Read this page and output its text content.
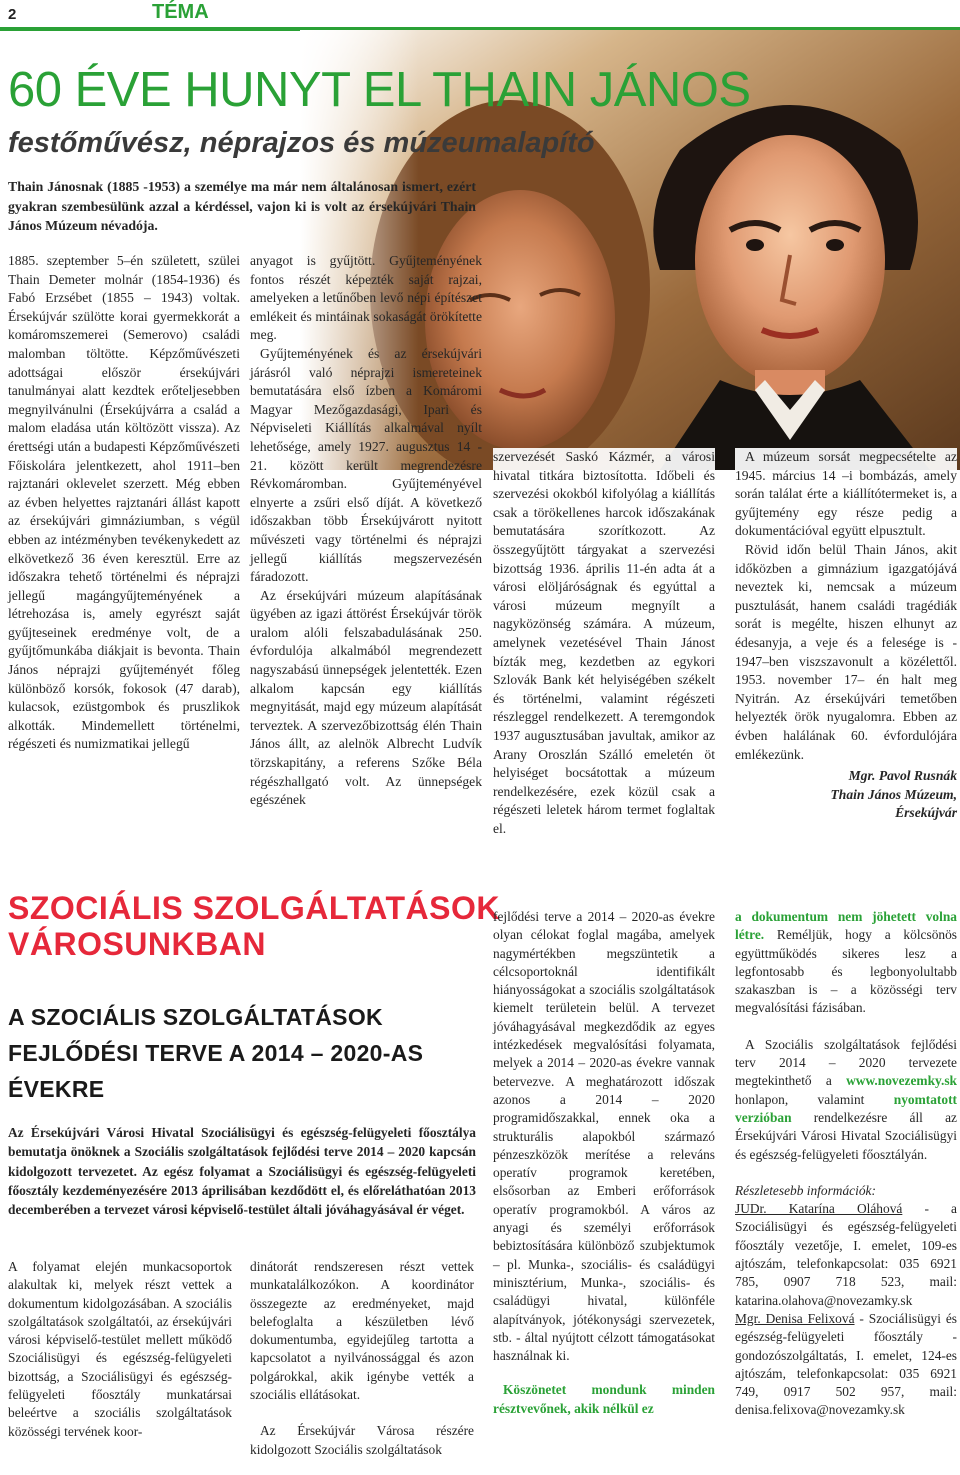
2	TÉMA
60 ÉVE HUNYT EL THAIN JÁNOS
festőművész, néprajzos és múzeumalapító

Thain Jánosnak (1885 -1953) a személye ma már nem általánosan ismert, ezért gyakran szembesülünk azzal a kérdéssel, vajon ki is volt az érsekújvári Thain János Múzeum névadója.

1885. szeptember 5–én született, szülei Thain Demeter molnár (1854-1936) és Fabó Erzsébet (1855 – 1943) voltak. Érsekújvár szülötte korai gyermekkorát a komáromszemerei (Semerovo) családi malomban töltötte. Képzőművészeti adottságai először érsekújvári tanulmányai alatt kezdtek erőteljesebben megnyilvánulni (Érsekújvárra a család a malom eladása után költözött vissza). Az érettségi után a budapesti Képzőművészeti Főiskolára jelentkezett, ahol 1911–ben rajztanári oklevelet szerzett. Még ebben az évben helyettes rajztanári állást kapott az érsekújvári gimnáziumban, s végül ebben az intézményben tevékenykedett az elkövetkező 36 éven keresztül. Erre az időszakra tehető történelmi és néprajzi jellegű magángyűjteményének a létrehozása is, amely egyrészt saját gyűjteseinek eredménye volt, de a gyűjtőmunkába diákjait is bevonta. Thain János néprajzi gyűjteményét főleg különböző korsók, fokosok (47 darab), kulacsok, ezüstgombok és pruszlikok alkották. Mindemellett történelmi, régészeti és numizmatikai jellegű

anyagot is gyűjtött. Gyűjteményének fontos részét képezték saját rajzai, amelyeken a letűnőben levő népi építészet emlékeit és mintáinak sokaságát örökítette meg.

Gyűjteményének és az érsekújvári járásról való néprajzi ismereteinek bemutatására első ízben a Komáromi Magyar Mezőgazdasági, Ipari és Népviseleti Kiállítás alkalmával nyílt lehetősége, amely 1927. augusztus 14 - 21. között került megrendezésre Révkomáromban. Gyűjteményével elnyerte a zsűri első díját. A következő időszakban több Érsekújvárott nyitott művészeti vagy történelmi és néprajzi jellegű kiállítás megszervezésén fáradozott.

Az érsekújvári múzeum alapításának ügyében az igazi áttörést Érsekújvár török uralom alóli felszabadulásának 250. évfordulója alkalmából megrendezett nagyszabású ünnepségek jelentették. Ezen alkalom kapcsán egy kiállítás megnyitását, majd egy múzeum alapítását terveztek. A szervezőbizottság élén Thain János állt, az alelnök Albrecht Ludvík törzskapitány, a referens Szőke Béla régészhallgató volt. Az ünnepségek egészének

szervezését Saskó Kázmér, a városi hivatal titkára biztosította. Időbeli és szervezési okokból kifolyólag a kiállítás csak a törökellenes harcok időszakának bemutatására szorítkozott. Az összegyűjtött tárgyakat a szervezési bizottság 1936. április 11-én adta át a városi elöljáróságnak és egyúttal a városi múzeum megnyílt a nagyközönség számára. A múzeum, amelynek vezetésével Thain Jánost bízták meg, kezdetben az egykori Szlovák Bank két helyiségében székelt és történelmi, valamint régészeti részleggel rendelkezett. A teremgondok 1937 augusztusában javultak, amikor az Arany Oroszlán Szálló emeletén öt helyiséget bocsátottak a múzeum rendelkezésére, ezek közül csak a régészeti leletek három termet foglaltak el.

A múzeum sorsát megpecsételte az 1945. március 14 –i bombázás, amely során találat érte a kiállítótermeket is, a gyűjtemény egy része pedig a dokumentációval együtt elpusztult.

Rövid időn belül Thain János, akit időközben a gimnázium igazgatójává neveztek ki, nemcsak a múzeum pusztulását, hanem családi tragédiák sorát is megélte, hiszen elhunyt az édesanyja, a veje és a felesége is - 1947–ben viszszavonult a közélettől. 1953. november 17– én halt meg Nyitrán. Az érsekújvári temetőben helyezték örök nyugalomra. Ebben az évben halálának 60. évfordulójára emlékezünk.

Mgr. Pavol Rusnák
Thain János Múzeum,
Érsekújvár
SZOCIÁLIS SZOLGÁLTATÁSOK
VÁROSUNKBAN
A SZOCIÁLIS SZOLGÁLTATÁSOK
FEJLŐDÉSI TERVE A 2014 – 2020-AS
ÉVEKRE

Az Érsekújvári Városi Hivatal Szociálisügyi és egészség-felügyeleti főosztálya bemutatja önöknek a Szociális szolgáltatások fejlődési terve 2014 – 2020 kapcsán kidolgozott tervezetet. Az egész folyamat a Szociálisügyi és egészség-felügyeleti főosztály kezdeményezésére 2013 áprilisában kezdődött el, és előreláthatóan 2013 decemberében a tervezet városi képviselő-testület általi jóváhagyásával ér véget.

A folyamat elején munkacsoportok alakultak ki, melyek részt vettek a dokumentum kidolgozásában. A szociális szolgáltatások szolgáltatói, az érsekújvári városi képviselő-testület mellett működő Szociálisügyi és egészség-felügyeleti bizottság, a Szociálisügyi és egészség-felügyeleti főosztály munkatársai beleértve a szociális szolgáltatások közösségi tervének koor-

dinátorát rendszeresen részt vettek munkatalálkozókon. A koordinátor összegezte az eredményeket, majd belefoglalta a készületben lévő dokumentumba, egyidejűleg tartotta a kapcsolatot a nyilvánossággal és azon polgárokkal, akik igénybe vették a szociális ellátásokat.

Az Érsekújvár Városa részére kidolgozott Szociális szolgáltatások

fejlődési terve a 2014 – 2020-as évekre olyan célokat foglal magába, amelyek nagymértékben megszüntetik a célcsoportoknál identifikált hiányosságokat a szociális szolgáltatások kiemelt területein belül. A tervezet jóváhagyásával megkezdődik az egyes intézkedések megvalósítási folyamata, melyek a 2014 – 2020-as évekre vannak betervezve. A meghatározott időszak azonos a 2014 – 2020 programidőszakkal, ennek oka a strukturális alapokból származó pénzeszközök merítése a releváns operatív programok keretében, elsősorban az Emberi erőforrások operatív programokból. A város az anyagi és személyi erőforrások bebiztosítására különböző szubjektumok – pl. Munka-, szociális- és családügyi minisztérium, Munka-, szociális- és családügyi hivatal, különféle alapítványok, jótékonysági szervezetek, stb. - által nyújtott célzott támogatásokat használnak ki.

Köszönetet mondunk minden résztvevőnek, akik nélkül ez

a dokumentum nem jöhetett volna létre. Reméljük, hogy a kölcsönös együttműködés sikeres lesz a legfontosabb és legbonyolultabb szakaszban is – a közösségi terv megvalósítási fázisában.

A Szociális szolgáltatások fejlődési terv 2014 – 2020 tervezete megtekinthető a www.novezemky.sk honlapon, valamint nyomtatott verzióban rendelkezésre áll az Érsekújvári Városi Hivatal Szociálisügyi és egészség-felügyeleti főosztályán.

Részletesebb információk:

JUDr. Katarína Oláhová - a Szociálisügyi és egészség-felügyeleti főosztály vezetője, I. emelet, 109-es ajtószám, telefonkapcsolat: 035 6921 785, 0907 718 523, mail: katarina.olahova@novezamky.sk

Mgr. Denisa Felixová - Szociálisügyi és egészség-felügyeleti főosztály - gondozószolgáltatás, I. emelet, 124-es ajtószám, telefonkapcsolat: 035 6921 749, 0917 502 957, mail: denisa.felixova@novezamky.sk
